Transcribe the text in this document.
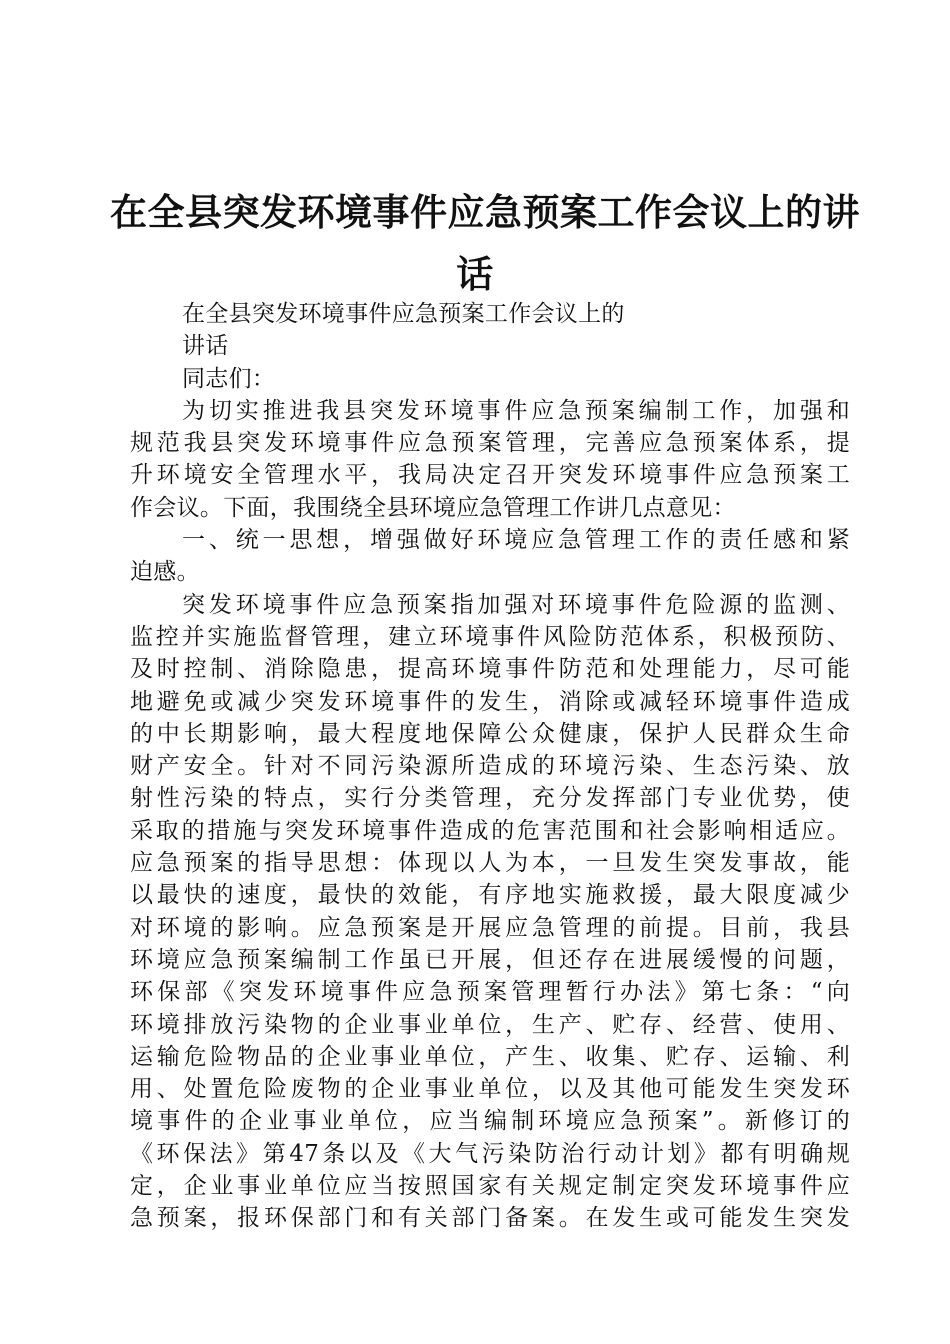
在全县突发环境事件应急预案工作会议上的讲
话

在全县突发环境事件应急预案工作会议上的
讲话

同志们：

为切实推进我县突发环境事件应急预案编制工作，加强和
规范我县突发环境事件应急预案管理，完善应急预案体系，提
升环境安全管理水平，我局决定召开突发环境事件应急预案工
作会议。下面，我围绕全县环境应急管理工作讲几点意见：

一、统一思想，增强做好环境应急管理工作的责任感和紧
迫感。

突发环境事件应急预案指加强对环境事件危险源的监测、
监控并实施监督管理，建立环境事件风险防范体系，积极预防、
及时控制、消除隐患，提高环境事件防范和处理能力，尽可能
地避免或减少突发环境事件的发生，消除或减轻环境事件造成
的中长期影响，最大程度地保障公众健康，保护人民群众生命
财产安全。针对不同污染源所造成的环境污染、生态污染、放
射性污染的特点，实行分类管理，充分发挥部门专业优势，使
采取的措施与突发环境事件造成的危害范围和社会影响相适应。
应急预案的指导思想：体现以人为本，一旦发生突发事故，能
以最快的速度，最快的效能，有序地实施救援，最大限度减少
对环境的影响。应急预案是开展应急管理的前提。目前，我县
环境应急预案编制工作虽已开展，但还存在进展缓慢的问题，
环保部《突发环境事件应急预案管理暂行办法》第七条：“向
环境排放污染物的企业事业单位，生产、贮存、经营、使用、
运输危险物品的企业事业单位，产生、收集、贮存、运输、利
用、处置危险废物的企业事业单位，以及其他可能发生突发环
境事件的企业事业单位，应当编制环境应急预案”。新修订的
《环保法》第47条以及《大气污染防治行动计划》都有明确规
定，企业事业单位应当按照国家有关规定制定突发环境事件应
急预案，报环保部门和有关部门备案。在发生或可能发生突发
